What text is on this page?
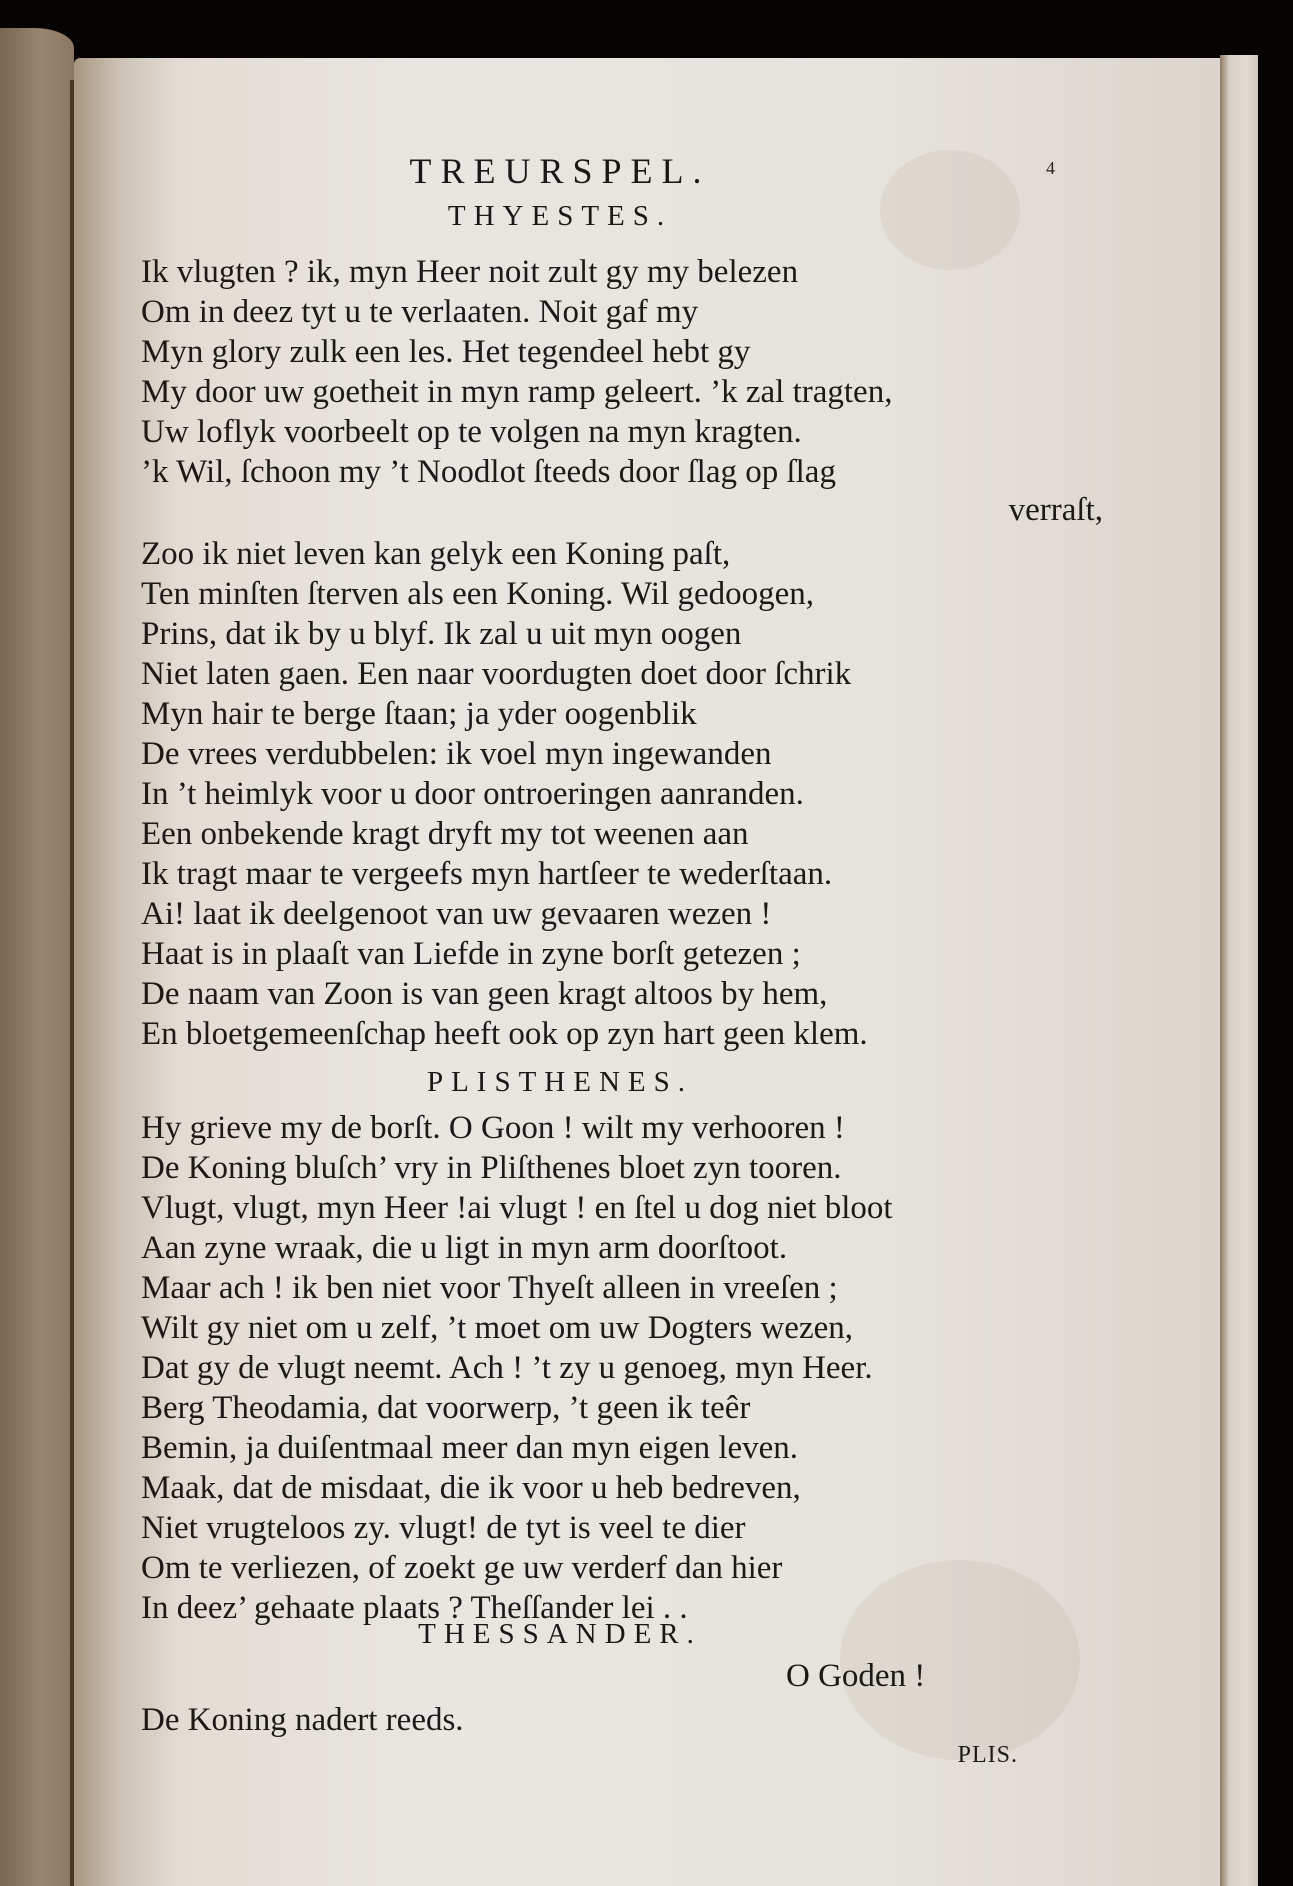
TREURSPEL.	4
THYESTES.
Ik vlugten ? ik, myn Heer noit zult gy my belezen
Om in deez tyt u te verlaaten. Noit gaf my
Myn glory zulk een les. Het tegendeel hebt gy
My door uw goetheit in myn ramp geleert. ’k zal tragten,
Uw loflyk voorbeelt op te volgen na myn kragten.
’k Wil, ſchoon my ’t Noodlot ſteeds door ſlag op ſlag
verraſt,
Zoo ik niet leven kan gelyk een Koning paſt,
Ten minſten ſterven als een Koning. Wil gedoogen,
Prins, dat ik by u blyf. Ik zal u uit myn oogen
Niet laten gaen. Een naar voordugten doet door ſchrik
Myn hair te berge ſtaan; ja yder oogenblik
De vrees verdubbelen: ik voel myn ingewanden
In ’t heimlyk voor u door ontroeringen aanranden.
Een onbekende kragt dryft my tot weenen aan
Ik tragt maar te vergeefs myn hartſeer te wederſtaan.
Ai! laat ik deelgenoot van uw gevaaren wezen !
Haat is in plaaſt van Liefde in zyne borſt getezen ;
De naam van Zoon is van geen kragt altoos by hem,
En bloetgemeenſchap heeft ook op zyn hart geen klem.
PLISTHENES.
Hy grieve my de borſt. O Goon ! wilt my verhooren !
De Koning bluſch’ vry in Pliſthenes bloet zyn tooren.
Vlugt, vlugt, myn Heer !ai vlugt ! en ſtel u dog niet bloot
Aan zyne wraak, die u ligt in myn arm doorſtoot.
Maar ach ! ik ben niet voor Thyeſt alleen in vreeſen ;
Wilt gy niet om u zelf, ’t moet om uw Dogters wezen,
Dat gy de vlugt neemt. Ach ! ’t zy u genoeg, myn Heer.
Berg Theodamia, dat voorwerp, ’t geen ik teêr
Bemin, ja duiſentmaal meer dan myn eigen leven.
Maak, dat de misdaat, die ik voor u heb bedreven,
Niet vrugteloos zy. vlugt! de tyt is veel te dier
Om te verliezen, of zoekt ge uw verderf dan hier
In deez’ gehaate plaats ? Theſſander lei . .
THESSANDER.
O Goden !
De Koning nadert reeds.
PLIS.
